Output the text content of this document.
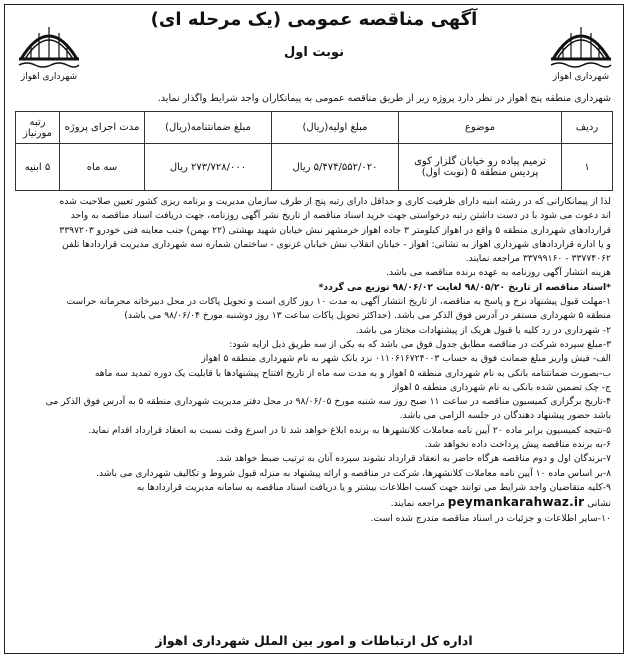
شهرداری اهواز
شهرداری اهواز
آگهی مناقصه عمومی (یک مرحله ای)
نوبت اول
شهرداری منطقه پنج اهواز در نظر دارد پروژه زیر از طریق مناقصه عمومی به پیمانکاران واجد شرایط واگذار نماید.
ردیف	موضوع	مبلغ اولیه(ریال)	مبلغ ضمانتنامه(ریال)	مدت اجرای پروژه	رتبه مورنیاز
۱	ترمیم پیاده رو خیابان گلزار کوی پردیس منطقه ۵ (نوبت اول)	۵/۴۷۴/۵۵۲/۰۲۰ ریال	۲۷۳/۷۲۸/۰۰۰ ریال	سه ماه	۵ ابنیه

لذا از پیمانکارانی که در رشته ابنیه دارای ظرفیت کاری و حداقل دارای رتبه پنج از طرف سازمان مدیریت و برنامه ریزی کشور تعیین صلاحیت شده

اند دعوت می شود با در دست داشتن رتبه درخواستی جهت خرید اسناد مناقصه از تاریخ نشر آگهی روزنامه، جهت دریافت اسناد مناقصه به واحد

قراردادهای شهرداری منطقه ۵ واقع در اهواز کیلومتر ۳ جاده اهواز خرمشهر نبش خیابان شهید بهشتی (۲۲ بهمن) جنب معاینه فنی خودرو ۳۳۹۷۲۰۳

و یا اداره قراردادهای شهرداری اهواز به نشانی: اهواز - خیابان انقلاب نبش خیابان غزنوی - ساختمان شماره سه شهرداری مدیریت قراردادها تلفن

۳۳۷۷۴۰۶۲ - ۳۳۷۹۹۱۶۰ مراجعه نمایند.

هزینه انتشار آگهی روزنامه به عهده برنده مناقصه می باشد.

*اسناد مناقصه از تاریخ ۹۸/۰۵/۲۰ لغایت ۹۸/۰۶/۰۲ توزیع می گردد*

۱-مهلت قبول پیشنهاد نرخ و پاسخ به مناقصه، از تاریخ انتشار آگهی به مدت ۱۰ روز کاری است و تحویل پاکات در محل دبیرخانه محرمانه حراست

منطقه ۵ شهرداری مستقر در آدرس فوق الذکر می باشد. (حداکثر تحویل پاکات ساعت ۱۳ روز دوشنبه مورخ ۹۸/۰۶/۰۴ می باشد)

۲- شهرداری در رد کلیه یا قبول هریک از پیشنهادات مختار می باشد.

۳-مبلغ سپرده شرکت در مناقصه مطابق جدول فوق می باشد که به یکی از سه طریق ذیل ارایه شود:

الف- فیش واریز مبلغ ضمانت فوق به حساب ۰۱۱۰۶۱۶۷۲۴۰۰۳ نزد بانک شهر به نام شهرداری منطقه ۵ اهواز

ب-بصورت ضمانتنامه بانکی به نام شهرداری منطقه ۵ اهواز و به مدت سه ماه از تاریخ افتتاح پیشنهادها با قابلیت یک دوره تمدید سه ماهه

ج- چک تضمین شده بانکی به نام شهرداری منطقه ۵ اهواز

۴-تاریخ برگزاری کمیسیون مناقصه در ساعت ۱۱ صبح روز سه شنبه مورخ ۹۸/۰۶/۰۵ در محل دفتر مدیریت شهرداری منطقه ۵ به آدرس فوق الذکر می

باشد حضور پیشنهاد دهندگان در جلسه الزامی می باشد.

۵-نتیجه کمیسیون برابر ماده ۲۰ آیین نامه معاملات کلانشهرها به برنده ابلاغ خواهد شد تا در اسرع وقت نسبت به انعقاد قرارداد اقدام نماید.

۶-به برنده مناقصه پیش پرداخت داده نخواهد شد.

۷-برندگان اول و دوم مناقصه هرگاه حاضر به انعقاد قرارداد نشوند سپرده آنان به ترتیب ضبط خواهد شد.

۸-بر اساس ماده ۱۰ آیین نامه معاملات کلانشهرها، شرکت در مناقصه و ارائه پیشنهاد به منزله قبول شروط و تکالیف شهرداری می باشد.

۹-کلیه متقاضیان واجد شرایط می توانند جهت کسب اطلاعات بیشتر و یا دریافت اسناد مناقصه به سامانه مدیریت قراردادها به

نشانی peymankarahwaz.ir مراجعه نمایند.

۱۰-سایر اطلاعات و جزئیات در اسناد مناقصه مندرج شده است.

اداره کل ارتباطات و امور بین الملل شهرداری اهواز
